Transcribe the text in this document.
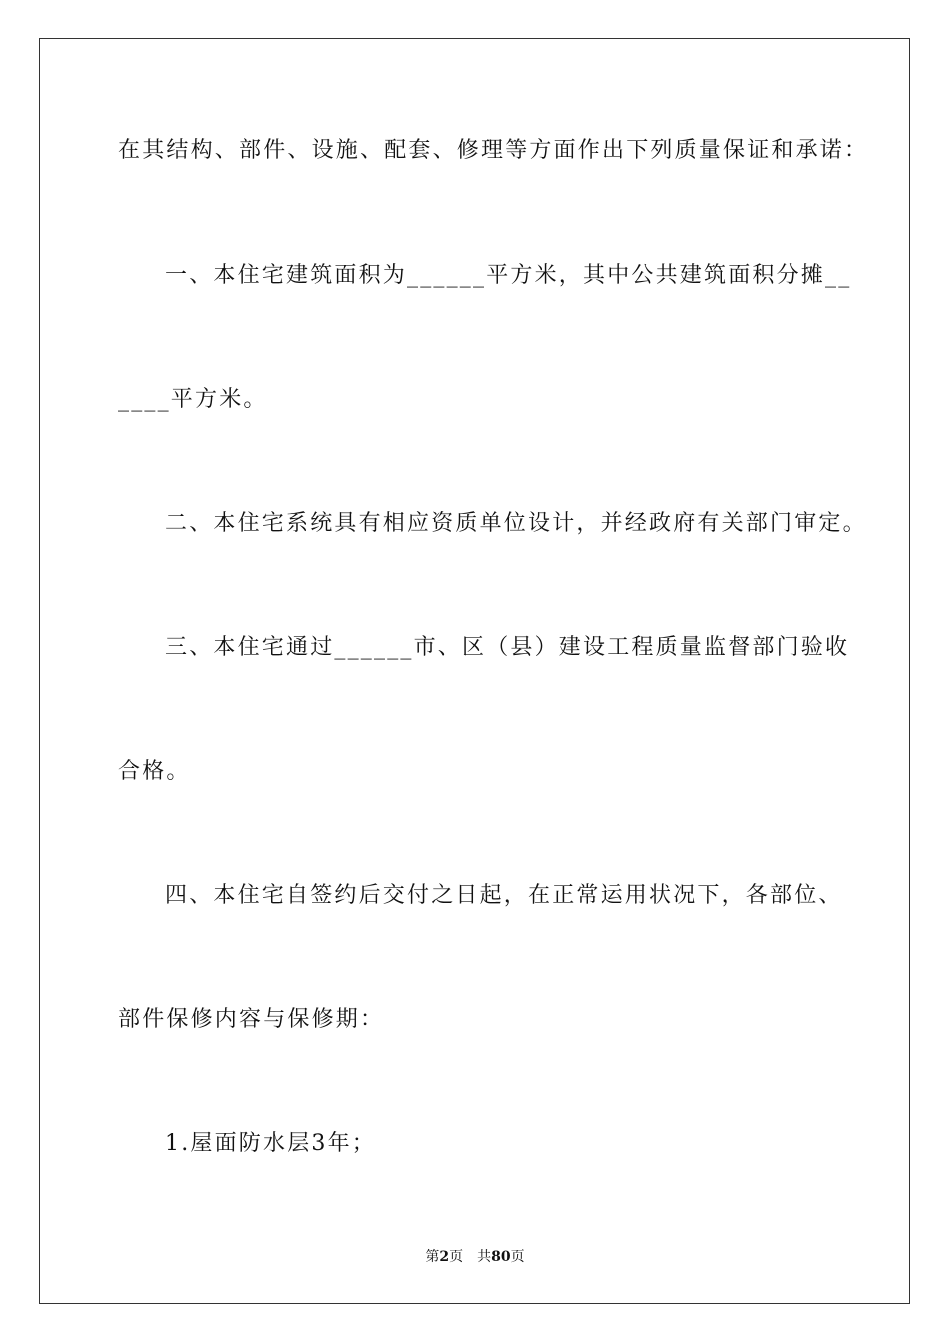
在其结构、部件、设施、配套、修理等方面作出下列质量保证和承诺：
一、本住宅建筑面积为______平方米，其中公共建筑面积分摊__
____平方米。
二、本住宅系统具有相应资质单位设计，并经政府有关部门审定。
三、本住宅通过______市、区（县）建设工程质量监督部门验收
合格。
四、本住宅自签约后交付之日起，在正常运用状况下，各部位、
部件保修内容与保修期：
1.屋面防水层3年；
第2页 共80页
